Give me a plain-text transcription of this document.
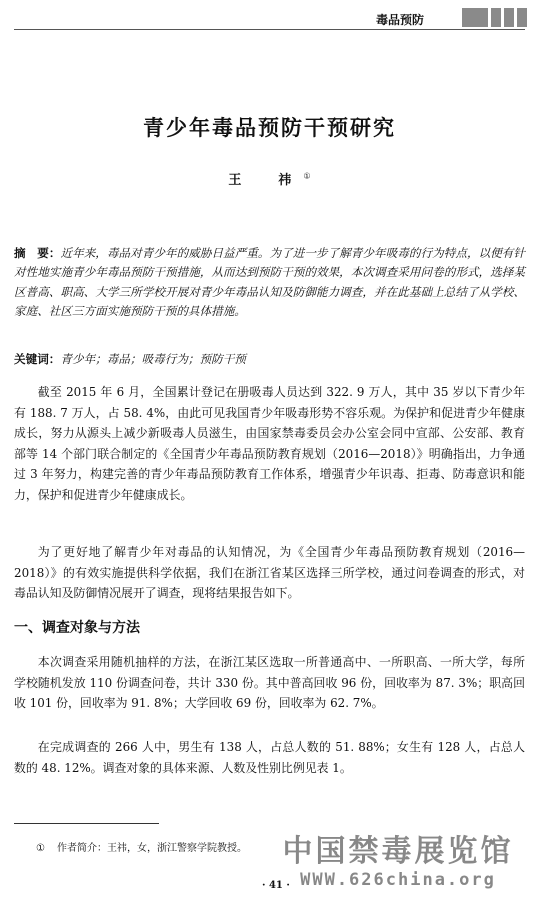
毒品预防
青少年毒品预防干预研究
王　祎①
摘　要：近年来，毒品对青少年的威胁日益严重。为了进一步了解青少年吸毒的行为特点，以便有针对性地实施青少年毒品预防干预措施，从而达到预防干预的效果，本次调查采用问卷的形式，选择某区普高、职高、大学三所学校开展对青少年毒品认知及防御能力调查，并在此基础上总结了从学校、家庭、社区三方面实施预防干预的具体措施。
关键词：青少年；毒品；吸毒行为；预防干预

截至 2015 年 6 月，全国累计登记在册吸毒人员达到 322. 9 万人，其中 35 岁以下青少年有 188. 7 万人，占 58. 4%，由此可见我国青少年吸毒形势不容乐观。为保护和促进青少年健康成长，努力从源头上减少新吸毒人员滋生，由国家禁毒委员会办公室会同中宣部、公安部、教育部等 14 个部门联合制定的《全国青少年毒品预防教育规划（2016—2018）》明确指出，力争通过 3 年努力，构建完善的青少年毒品预防教育工作体系，增强青少年识毒、拒毒、防毒意识和能力，保护和促进青少年健康成长。

为了更好地了解青少年对毒品的认知情况，为《全国青少年毒品预防教育规划（2016—2018）》的有效实施提供科学依据，我们在浙江省某区选择三所学校，通过问卷调查的形式，对毒品认知及防御情况展开了调查，现将结果报告如下。

一、调查对象与方法

本次调查采用随机抽样的方法，在浙江某区选取一所普通高中、一所职高、一所大学，每所学校随机发放 110 份调查问卷，共计 330 份。其中普高回收 96 份，回收率为 87. 3%；职高回收 101 份，回收率为 91. 8%；大学回收 69 份，回收率为 62. 7%。

在完成调查的 266 人中，男生有 138 人，占总人数的 51. 88%；女生有 128 人，占总人数的 48. 12%。调查对象的具体来源、人数及性别比例见表 1。

① 作者简介：王祎，女，浙江警察学院教授。	中国禁毒展览馆
WWW.626china.org
· 41 ·
